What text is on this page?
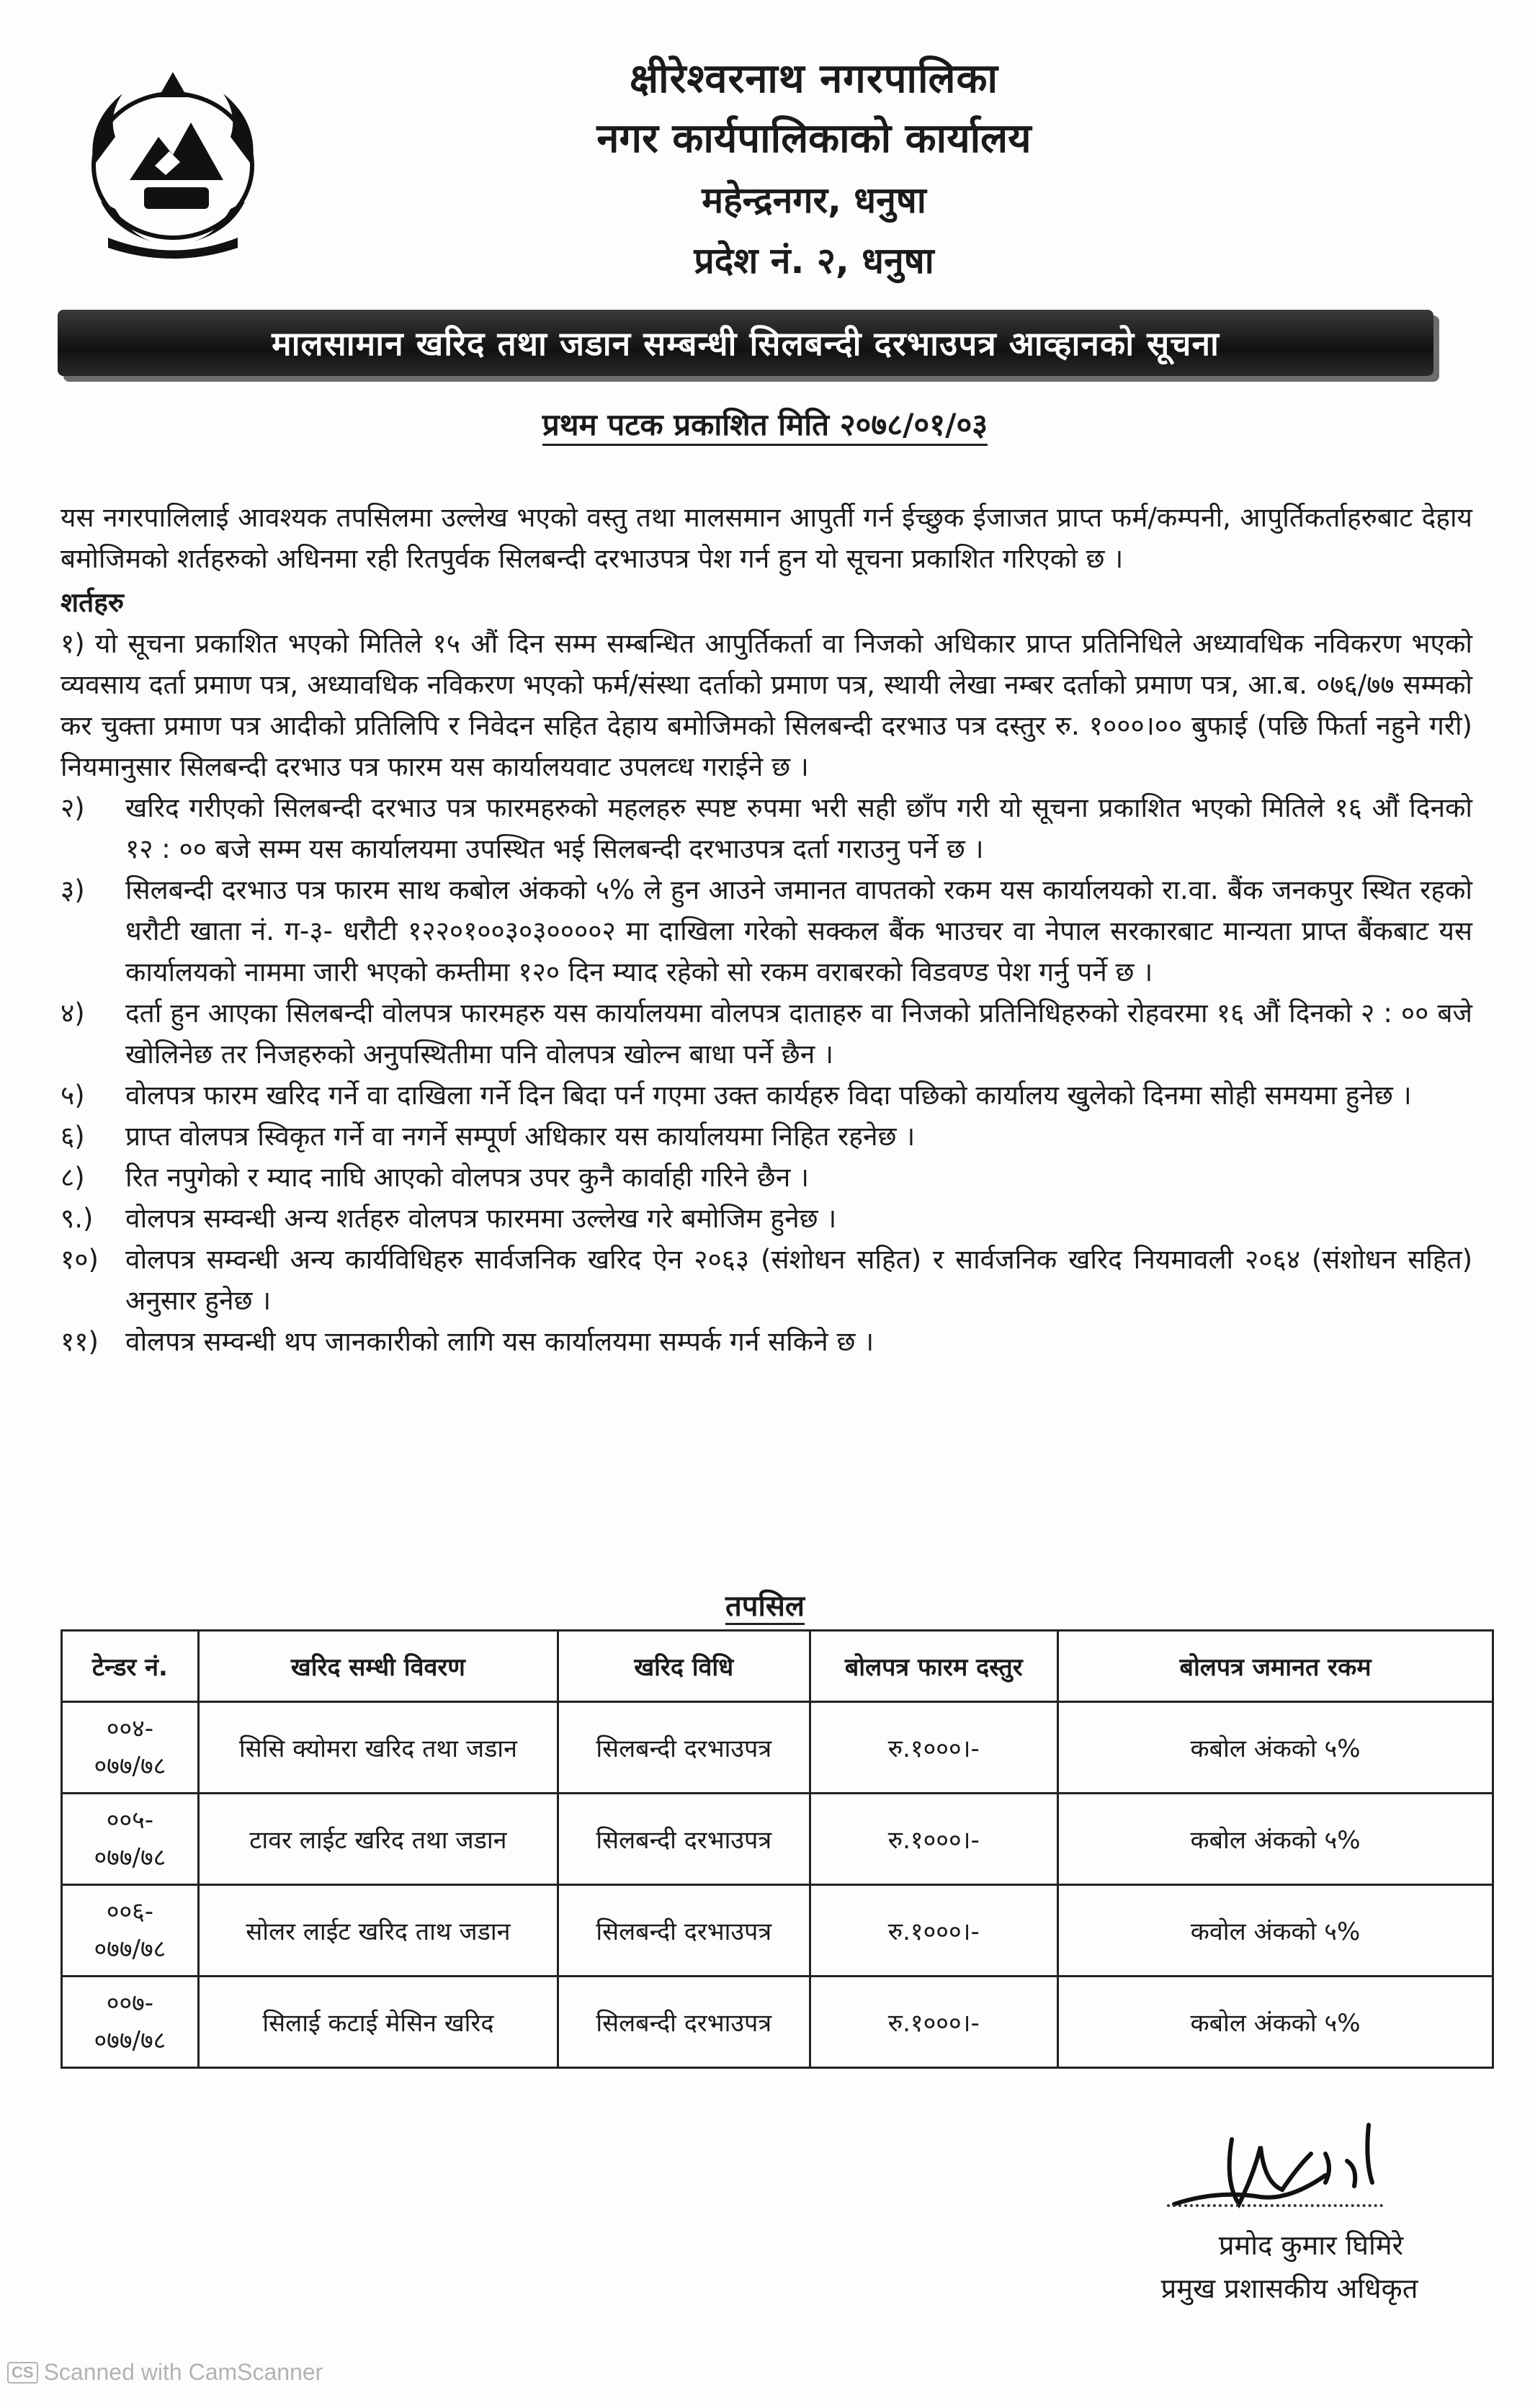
क्षीरेश्वरनाथ नगरपालिका
नगर कार्यपालिकाको कार्यालय
महेन्द्रनगर, धनुषा
प्रदेश नं. २, धनुषा
मालसामान खरिद तथा जडान सम्बन्धी सिलबन्दी दरभाउपत्र आव्हानको सूचना
प्रथम पटक प्रकाशित मिति २०७८/०१/०३
यस नगरपालिलाई आवश्यक तपसिलमा उल्लेख भएको वस्तु तथा मालसमान आपुर्ती गर्न ईच्छुक ईजाजत प्राप्त फर्म/कम्पनी, आपुर्तिकर्ताहरुबाट देहाय बमोजिमको शर्तहरुको अधिनमा रही रितपुर्वक सिलबन्दी दरभाउपत्र पेश गर्न हुन यो सूचना प्रकाशित गरिएको छ ।
शर्तहरु
१) यो सूचना प्रकाशित भएको मितिले १५ औं दिन सम्म सम्बन्धित आपुर्तिकर्ता वा निजको अधिकार प्राप्त प्रतिनिधिले अध्यावधिक नविकरण भएको व्यवसाय दर्ता प्रमाण पत्र, अध्यावधिक नविकरण भएको फर्म/संस्था दर्ताको प्रमाण पत्र, स्थायी लेखा नम्बर दर्ताको प्रमाण पत्र, आ.ब. ०७६/७७ सम्मको कर चुक्ता प्रमाण पत्र आदीको प्रतिलिपि र निवेदन सहित देहाय बमोजिमको सिलबन्दी दरभाउ पत्र दस्तुर रु. १०००।०० बुफाई (पछि फिर्ता नहुने गरी) नियमानुसार सिलबन्दी दरभाउ पत्र फारम यस कार्यालयवाट उपलव्ध गराईने छ ।
२)	खरिद गरीएको सिलबन्दी दरभाउ पत्र फारमहरुको महलहरु स्पष्ट रुपमा भरी सही छाँप गरी यो सूचना प्रकाशित भएको मितिले १६ औं दिनको १२ : ०० बजे सम्म यस कार्यालयमा उपस्थित भई सिलबन्दी दरभाउपत्र दर्ता गराउनु पर्ने छ ।
३)	सिलबन्दी दरभाउ पत्र फारम साथ कबोल अंकको ५% ले हुन आउने जमानत वापतको रकम यस कार्यालयको रा.वा. बैंक जनकपुर स्थित रहको धरौटी खाता नं. ग-३- धरौटी १२२०१००३०३००००२ मा दाखिला गरेको सक्कल बैंक भाउचर वा नेपाल सरकारबाट मान्यता प्राप्त बैंकबाट यस कार्यालयको नाममा जारी भएको कम्तीमा १२० दिन म्याद रहेको सो रकम वराबरको विडवण्ड पेश गर्नु पर्ने छ ।
४)	दर्ता हुन आएका सिलबन्दी वोलपत्र फारमहरु यस कार्यालयमा वोलपत्र दाताहरु वा निजको प्रतिनिधिहरुको रोहवरमा १६ औं दिनको २ : ०० बजे खोलिनेछ तर निजहरुको अनुपस्थितीमा पनि वोलपत्र खोल्न बाधा पर्ने छैन ।
५)	वोलपत्र फारम खरिद गर्ने वा दाखिला गर्ने दिन बिदा पर्न गएमा उक्त कार्यहरु विदा पछिको कार्यालय खुलेको दिनमा सोही समयमा हुनेछ ।
६)	प्राप्त वोलपत्र स्विकृत गर्ने वा नगर्ने सम्पूर्ण अधिकार यस कार्यालयमा निहित रहनेछ ।
८)	रित नपुगेको र म्याद नाघि आएको वोलपत्र उपर कुनै कार्वाही गरिने छैन ।
९.)	वोलपत्र सम्वन्धी अन्य शर्तहरु वोलपत्र फारममा उल्लेख गरे बमोजिम हुनेछ ।
१०)	वोलपत्र सम्वन्धी अन्य कार्यविधिहरु सार्वजनिक खरिद ऐन २०६३ (संशोधन सहित) र सार्वजनिक खरिद नियमावली २०६४ (संशोधन सहित) अनुसार हुनेछ ।
११)	वोलपत्र सम्वन्धी थप जानकारीको लागि यस कार्यालयमा सम्पर्क गर्न सकिने छ ।
तपसिल
टेन्डर नं.	खरिद सम्धी विवरण	खरिद विधि	बोलपत्र फारम दस्तुर	बोलपत्र जमानत रकम
००४-
०७७/७८	सिसि क्योमरा खरिद तथा जडान	सिलबन्दी दरभाउपत्र	रु.१०००।-	कबोल अंकको ५%
००५-
०७७/७८	टावर लाईट खरिद तथा जडान	सिलबन्दी दरभाउपत्र	रु.१०००।-	कबोल अंकको ५%
००६-
०७७/७८	सोलर लाईट खरिद ताथ जडान	सिलबन्दी दरभाउपत्र	रु.१०००।-	कवोल अंकको ५%
००७-
०७७/७८	सिलाई कटाई मेसिन खरिद	सिलबन्दी दरभाउपत्र	रु.१०००।-	कबोल अंकको ५%
प्रमोद कुमार घिमिरे
प्रमुख प्रशासकीय अधिकृत
CS Scanned with CamScanner
